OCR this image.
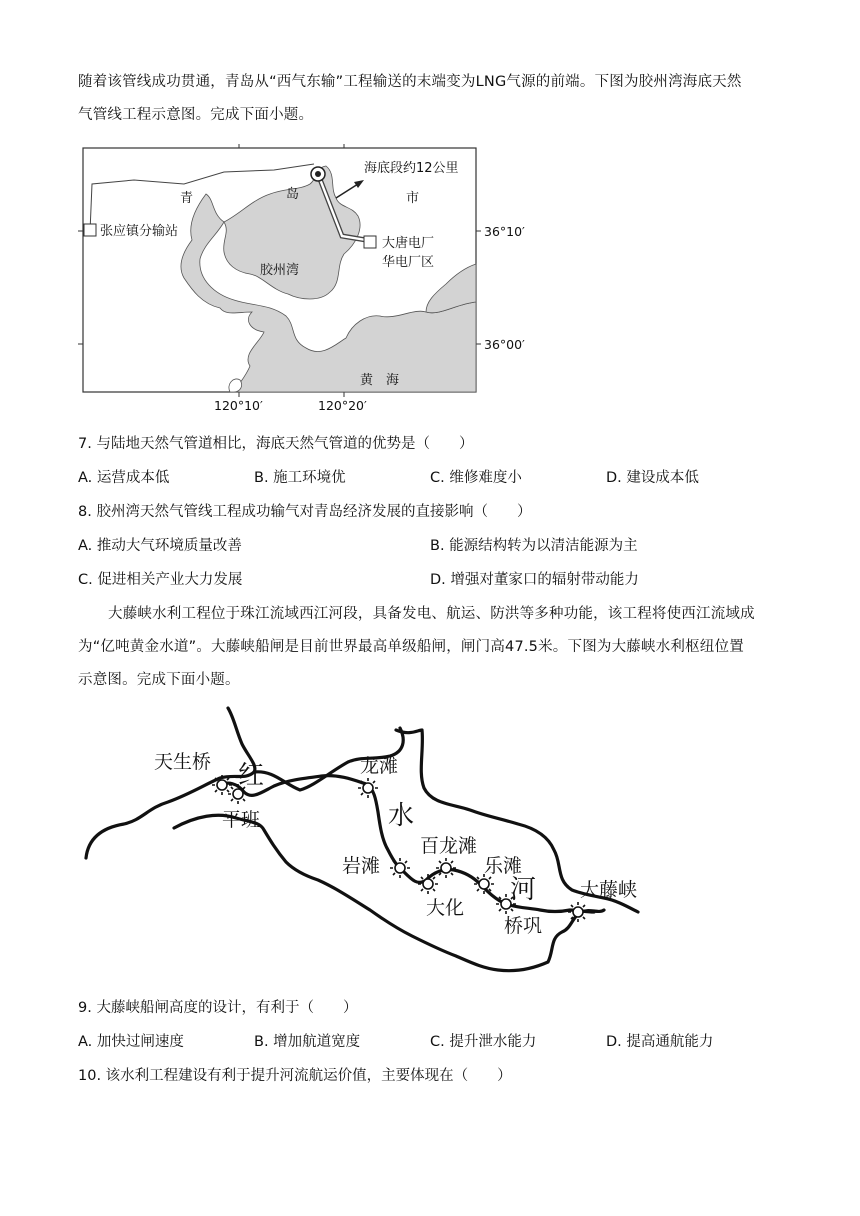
随着该管线成功贯通，青岛从“西气东输”工程输送的末端变为LNG气源的前端。下图为胶州湾海底天然
气管线工程示意图。完成下面小题。
海底段约12公里
青	岛	市
张应镇分输站
大唐电厂
华电厂区
胶州湾
黄　海
36°10′
36°00′
120°10′	120°20′
7. 与陆地天然气管道相比，海底天然气管道的优势是（　　）
A. 运营成本低	B. 施工环境优	C. 维修难度小	D. 建设成本低
8. 胶州湾天然气管线工程成功输气对青岛经济发展的直接影响（　　）
A. 推动大气环境质量改善	B. 能源结构转为以清洁能源为主
C. 促进相关产业大力发展	D. 增强对董家口的辐射带动能力
大藤峡水利工程位于珠江流域西江河段，具备发电、航运、防洪等多种功能，该工程将使西江流域成
为“亿吨黄金水道”。大藤峡船闸是目前世界最高单级船闸，闸门高47.5米。下图为大藤峡水利枢纽位置
示意图。完成下面小题。
天生桥 红
平班
龙滩
水
百龙滩
岩滩	乐滩
河
大化
桥巩
大藤峡
9. 大藤峡船闸高度的设计，有利于（　　）
A. 加快过闸速度	B. 增加航道宽度	C. 提升泄水能力	D. 提高通航能力
10. 该水利工程建设有利于提升河流航运价值，主要体现在（　　）
